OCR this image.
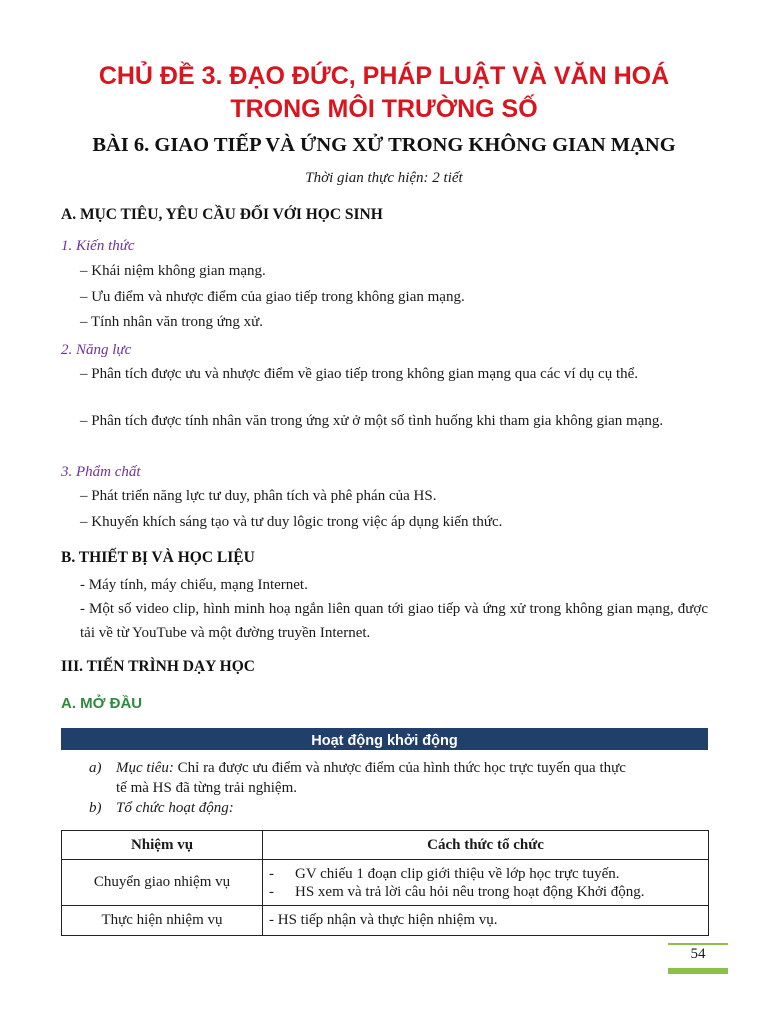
CHỦ ĐỀ 3. ĐẠO ĐỨC, PHÁP LUẬT VÀ VĂN HOÁ
TRONG MÔI TRƯỜNG SỐ
BÀI 6. GIAO TIẾP VÀ ỨNG XỬ TRONG KHÔNG GIAN MẠNG
Thời gian thực hiện: 2 tiết
A. MỤC TIÊU, YÊU CẦU ĐỐI VỚI HỌC SINH
1. Kiến thức
– Khái niệm không gian mạng.
– Ưu điểm và nhược điểm của giao tiếp trong không gian mạng.
– Tính nhân văn trong ứng xử.
2. Năng lực
– Phân tích được ưu và nhược điểm về giao tiếp trong không gian mạng qua các ví dụ cụ thể.
– Phân tích được tính nhân văn trong ứng xử ở một số tình huống khi tham gia không gian mạng.
3. Phẩm chất
– Phát triển năng lực tư duy, phân tích và phê phán của HS.
– Khuyến khích sáng tạo và tư duy lôgic trong việc áp dụng kiến thức.
B. THIẾT BỊ VÀ HỌC LIỆU
- Máy tính, máy chiếu, mạng Internet.
- Một số video clip, hình minh hoạ ngắn liên quan tới giao tiếp và ứng xử trong không gian mạng, được tải về từ YouTube và một đường truyền Internet.
III. TIẾN TRÌNH DẠY HỌC
A. MỞ ĐẦU
Hoạt động khởi động
a) Mục tiêu: Chỉ ra được ưu điểm và nhược điểm của hình thức học trực tuyến qua thực
tế mà HS đã từng trải nghiệm.
b) Tổ chức hoạt động:
Nhiệm vụ	Cách thức tổ chức
Chuyển giao nhiệm vụ	- GV chiếu 1 đoạn clip giới thiệu về lớp học trực tuyến.
- HS xem và trả lời câu hỏi nêu trong hoạt động Khởi động.

Thực hiện nhiệm vụ	- HS tiếp nhận và thực hiện nhiệm vụ.
54
